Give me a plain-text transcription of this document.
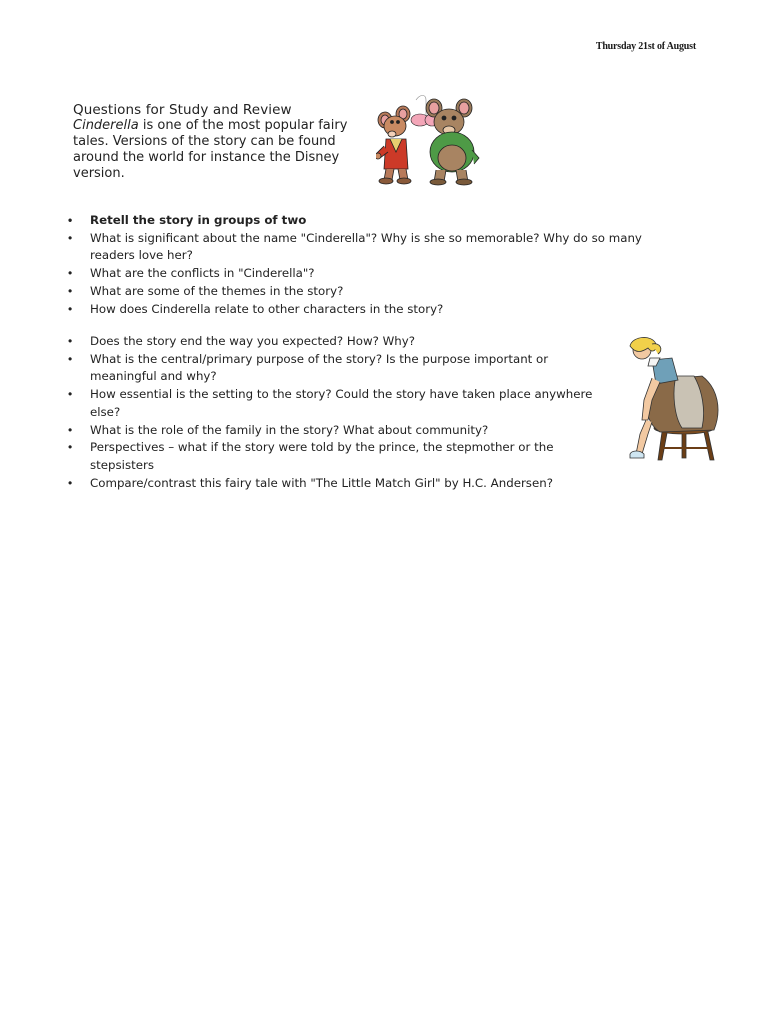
Thursday 21st of August
Questions for Study and Review

Cinderella is one of the most popular fairy tales. Versions of the story can be found around the world for instance the Disney version.

• Retell the story in groups of two
• What is significant about the name "Cinderella"? Why is she so memorable? Why do so many readers love her?
• What are the conflicts in "Cinderella"?
• What are some of the themes in the story?
• How does Cinderella relate to other characters in the story?
• Does the story end the way you expected? How? Why?
• What is the central/primary purpose of the story? Is the purpose important or meaningful and why?
• How essential is the setting to the story? Could the story have taken place anywhere else?
• What is the role of the family in the story? What about community?
• Perspectives – what if the story were told by the prince, the stepmother or the stepsisters
• Compare/contrast this fairy tale with "The Little Match Girl" by H.C. Andersen?
